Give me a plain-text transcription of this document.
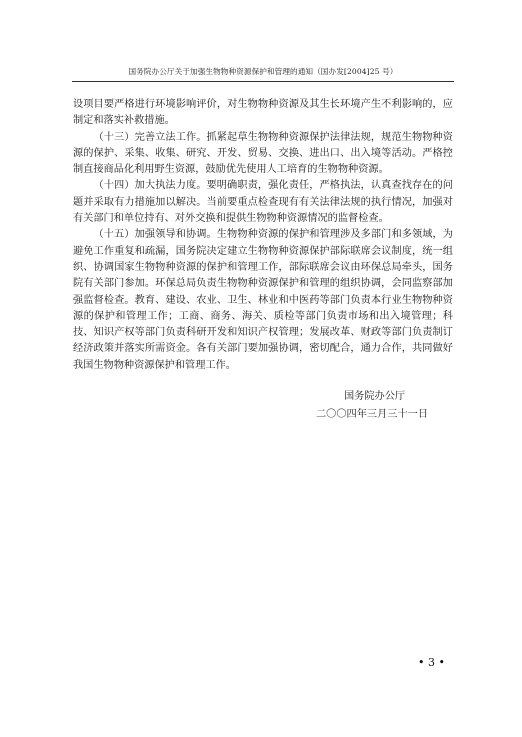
国务院办公厅关于加强生物物种资源保护和管理的通知（国办发[2004]25 号）

设项目要严格进行环境影响评价，对生物物种资源及其生长环境产生不利影响的，应制定和落实补救措施。

（十三）完善立法工作。抓紧起草生物物种资源保护法律法规，规范生物物种资源的保护、采集、收集、研究、开发、贸易、交换、进出口、出入境等活动。严格控制直接商品化利用野生资源，鼓励优先使用人工培育的生物物种资源。

（十四）加大执法力度。要明确职责，强化责任，严格执法，认真查找存在的问题并采取有力措施加以解决。当前要重点检查现有有关法律法规的执行情况，加强对有关部门和单位持有、对外交换和提供生物物种资源情况的监督检查。

（十五）加强领导和协调。生物物种资源的保护和管理涉及多部门和多领域，为避免工作重复和疏漏，国务院决定建立生物物种资源保护部际联席会议制度，统一组织、协调国家生物物种资源的保护和管理工作，部际联席会议由环保总局牵头，国务院有关部门参加。环保总局负责生物物种资源保护和管理的组织协调，会同监察部加强监督检查。教育、建设、农业、卫生、林业和中医药等部门负责本行业生物物种资源的保护和管理工作；工商、商务、海关、质检等部门负责市场和出入境管理；科技、知识产权等部门负责科研开发和知识产权管理；发展改革、财政等部门负责制订经济政策并落实所需资金。各有关部门要加强协调，密切配合，通力合作，共同做好我国生物物种资源保护和管理工作。

国务院办公厅
二〇〇四年三月三十一日
• 3 •
